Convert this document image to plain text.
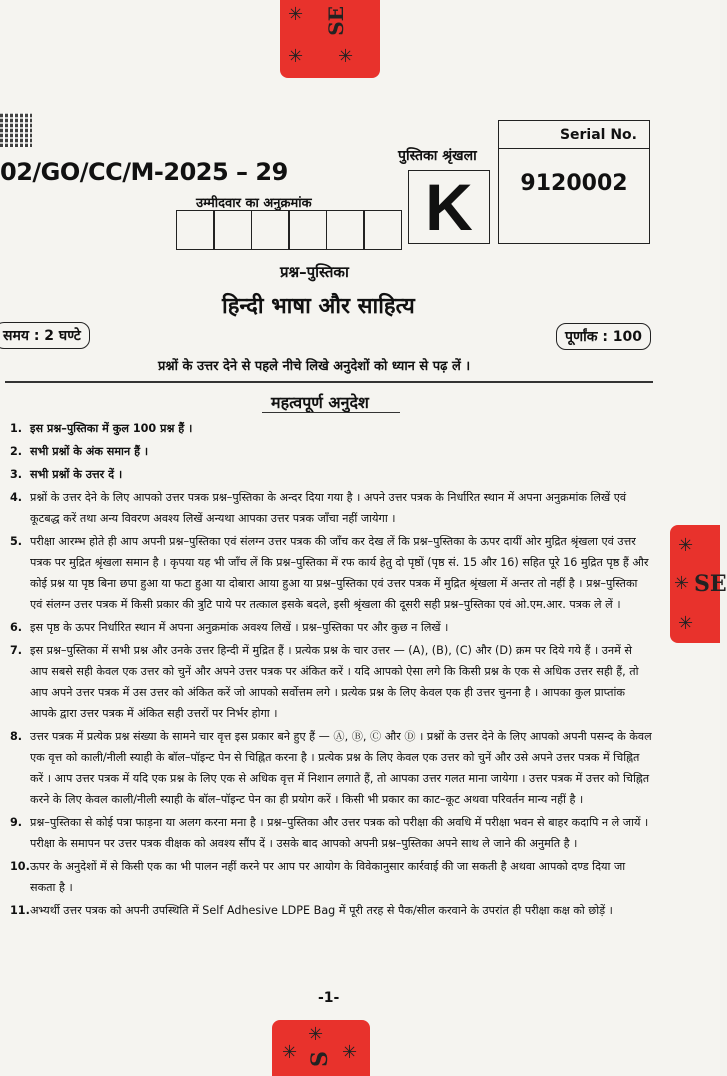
✳
✳ ✳
SE
02/GO/CC/M-2025 – 29
Serial No.
9120002
पुस्तिका श्रृंखला
K
उम्मीदवार का अनुक्रमांक
प्रश्न–पुस्तिका
हिन्दी भाषा और साहित्य
समय : 2 घण्टे	पूर्णांक : 100
प्रश्नों के उत्तर देने से पहले नीचे लिखे अनुदेशों को ध्यान से पढ़ लें ।
महत्वपूर्ण अनुदेश
1. इस प्रश्न–पुस्तिका में कुल 100 प्रश्न हैं ।
2. सभी प्रश्नों के अंक समान हैं ।
3. सभी प्रश्नों के उत्तर दें ।
4. प्रश्नों के उत्तर देने के लिए आपको उत्तर पत्रक प्रश्न–पुस्तिका के अन्दर दिया गया है । अपने उत्तर पत्रक के निर्धारित स्थान में अपना अनुक्रमांक लिखें एवं कूटबद्ध करें तथा अन्य विवरण अवश्य लिखें अन्यथा आपका उत्तर पत्रक जाँचा नहीं जायेगा ।
5. परीक्षा आरम्भ होते ही आप अपनी प्रश्न–पुस्तिका एवं संलग्न उत्तर पत्रक की जाँच कर देख लें कि प्रश्न–पुस्तिका के ऊपर दायीं ओर मुद्रित श्रृंखला एवं उत्तर पत्रक पर मुद्रित श्रृंखला समान है । कृपया यह भी जाँच लें कि प्रश्न–पुस्तिका में रफ कार्य हेतु दो पृष्ठों (पृष्ठ सं. 15 और 16) सहित पूरे 16 मुद्रित पृष्ठ हैं और कोई प्रश्न या पृष्ठ बिना छपा हुआ या फटा हुआ या दोबारा आया हुआ या प्रश्न–पुस्तिका एवं उत्तर पत्रक में मुद्रित श्रृंखला में अन्तर तो नहीं है । प्रश्न–पुस्तिका एवं संलग्न उत्तर पत्रक में किसी प्रकार की त्रुटि पाये पर तत्काल इसके बदले, इसी श्रृंखला की दूसरी सही प्रश्न–पुस्तिका एवं ओ.एम.आर. पत्रक ले लें ।
6. इस पृष्ठ के ऊपर निर्धारित स्थान में अपना अनुक्रमांक अवश्य लिखें । प्रश्न–पुस्तिका पर और कुछ न लिखें ।
7. इस प्रश्न–पुस्तिका में सभी प्रश्न और उनके उत्तर हिन्दी में मुद्रित हैं । प्रत्येक प्रश्न के चार उत्तर — (A), (B), (C) और (D) क्रम पर दिये गये हैं । उनमें से आप सबसे सही केवल एक उत्तर को चुनें और अपने उत्तर पत्रक पर अंकित करें । यदि आपको ऐसा लगे कि किसी प्रश्न के एक से अधिक उत्तर सही हैं, तो आप अपने उत्तर पत्रक में उस उत्तर को अंकित करें जो आपको सर्वोत्तम लगे । प्रत्येक प्रश्न के लिए केवल एक ही उत्तर चुनना है । आपका कुल प्राप्तांक आपके द्वारा उत्तर पत्रक में अंकित सही उत्तरों पर निर्भर होगा ।
8. उत्तर पत्रक में प्रत्येक प्रश्न संख्या के सामने चार वृत्त इस प्रकार बने हुए हैं — Ⓐ, Ⓑ, Ⓒ और Ⓓ । प्रश्नों के उत्तर देने के लिए आपको अपनी पसन्द के केवल एक वृत्त को काली/नीली स्याही के बॉल–पॉइन्ट पेन से चिह्नित करना है । प्रत्येक प्रश्न के लिए केवल एक उत्तर को चुनें और उसे अपने उत्तर पत्रक में चिह्नित करें । आप उत्तर पत्रक में यदि एक प्रश्न के लिए एक से अधिक वृत्त में निशान लगाते हैं, तो आपका उत्तर गलत माना जायेगा । उत्तर पत्रक में उत्तर को चिह्नित करने के लिए केवल काली/नीली स्याही के बॉल–पॉइन्ट पेन का ही प्रयोग करें । किसी भी प्रकार का काट–कूट अथवा परिवर्तन मान्य नहीं है ।
9. प्रश्न–पुस्तिका से कोई पत्रा फाड़ना या अलग करना मना है । प्रश्न–पुस्तिका और उत्तर पत्रक को परीक्षा की अवधि में परीक्षा भवन से बाहर कदापि न ले जायें । परीक्षा के समापन पर उत्तर पत्रक वीक्षक को अवश्य सौंप दें । उसके बाद आपको अपनी प्रश्न–पुस्तिका अपने साथ ले जाने की अनुमति है ।
10. ऊपर के अनुदेशों में से किसी एक का भी पालन नहीं करने पर आप पर आयोग के विवेकानुसार कार्रवाई की जा सकती है अथवा आपको दण्ड दिया जा सकता है ।
11. अभ्यर्थी उत्तर पत्रक को अपनी उपस्थिति में Self Adhesive LDPE Bag में पूरी तरह से पैक/सील करवाने के उपरांत ही परीक्षा कक्ष को छोड़ें ।
-1-
✳
✳
✳
SE
✳
✳
✳
S
